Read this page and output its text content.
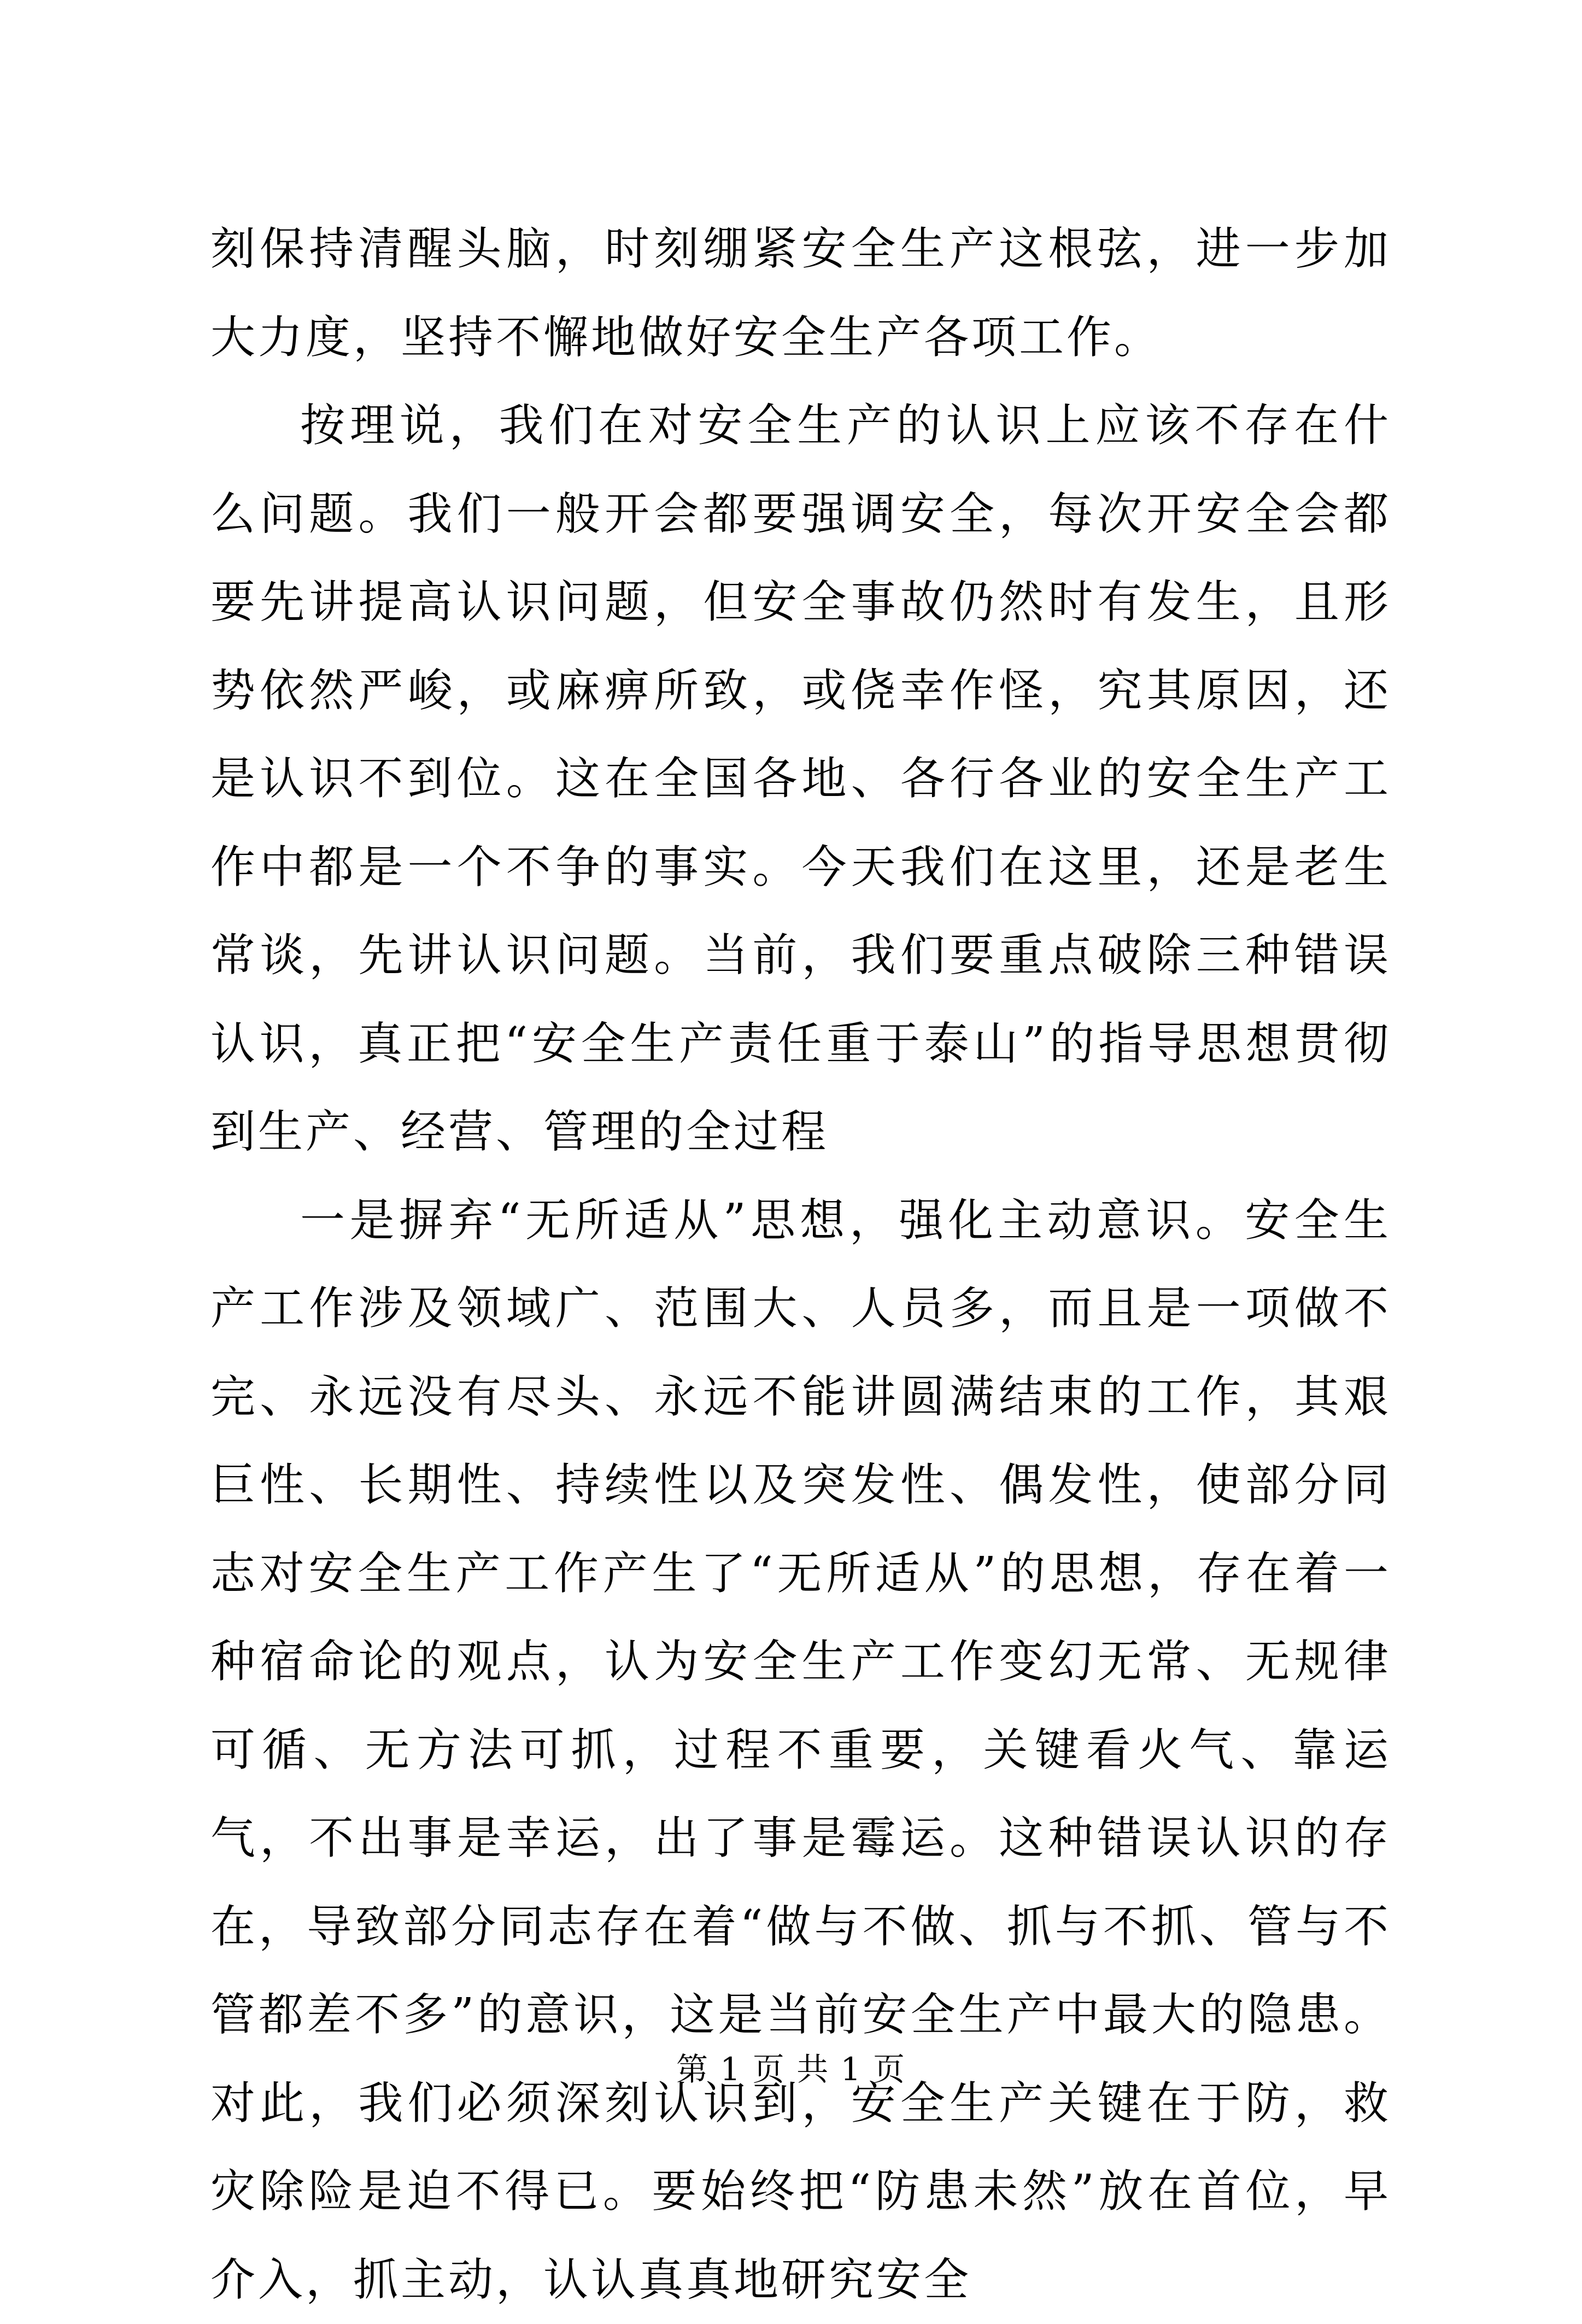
刻保持清醒头脑，时刻绷紧安全生产这根弦，进一步加大力度，坚持不懈地做好安全生产各项工作。

按理说，我们在对安全生产的认识上应该不存在什么问题。我们一般开会都要强调安全，每次开安全会都要先讲提高认识问题，但安全事故仍然时有发生，且形势依然严峻，或麻痹所致，或侥幸作怪，究其原因，还是认识不到位。这在全国各地、各行各业的安全生产工作中都是一个不争的事实。今天我们在这里，还是老生常谈，先讲认识问题。当前，我们要重点破除三种错误认识，真正把“安全生产责任重于泰山”的指导思想贯彻到生产、经营、管理的全过程

一是摒弃“无所适从”思想，强化主动意识。安全生产工作涉及领域广、范围大、人员多，而且是一项做不完、永远没有尽头、永远不能讲圆满结束的工作，其艰巨性、长期性、持续性以及突发性、偶发性，使部分同志对安全生产工作产生了“无所适从”的思想，存在着一种宿命论的观点，认为安全生产工作变幻无常、无规律可循、无方法可抓，过程不重要，关键看火气、靠运气，不出事是幸运，出了事是霉运。这种错误认识的存在，导致部分同志存在着“做与不做、抓与不抓、管与不管都差不多”的意识，这是当前安全生产中最大的隐患。对此，我们必须深刻认识到，安全生产关键在于防，救灾除险是迫不得已。要始终把“防患未然”放在首位，早介入，抓主动，认认真真地研究安全

第 1 页 共 1 页
